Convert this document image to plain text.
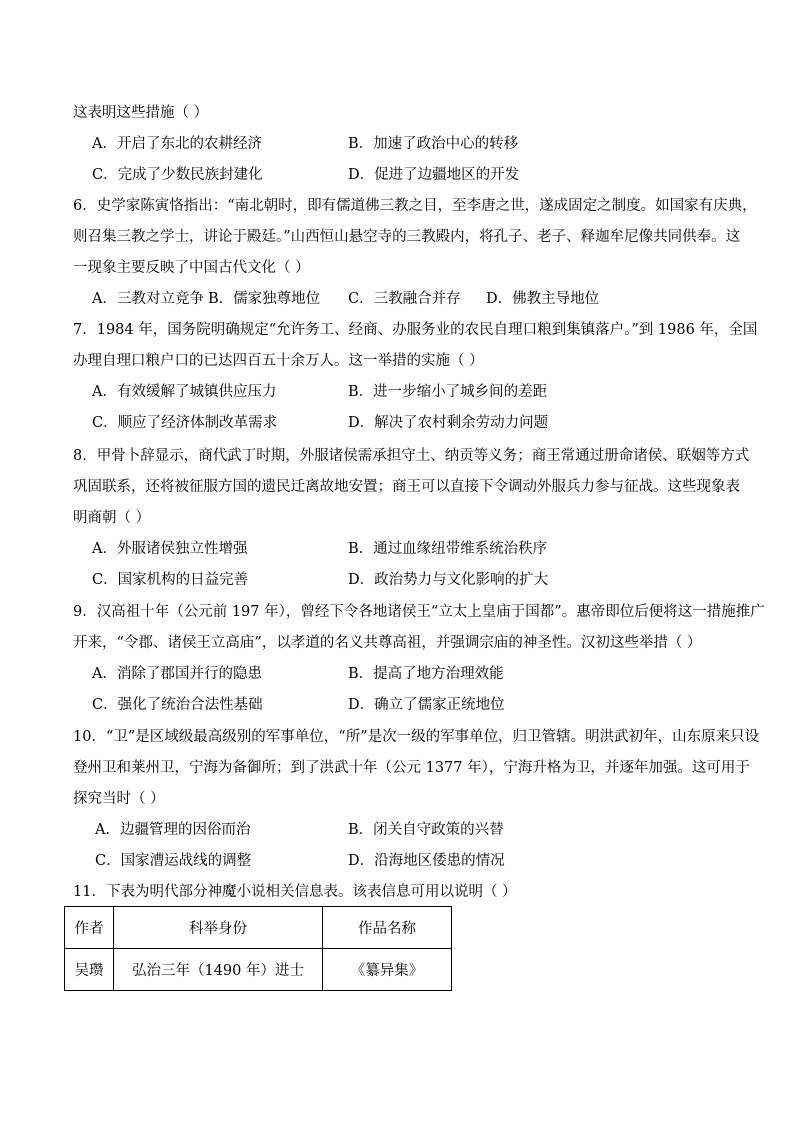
这表明这些措施（ ）
A．开启了东北的农耕经济	B．加速了政治中心的转移
C．完成了少数民族封建化	D．促进了边疆地区的开发
6．史学家陈寅恪指出：“南北朝时，即有儒道佛三教之目，至李唐之世，遂成固定之制度。如国家有庆典，
则召集三教之学士，讲论于殿廷。”山西恒山悬空寺的三教殿内，将孔子、老子、释迦牟尼像共同供奉。这
一现象主要反映了中国古代文化（ ）
A．三教对立竞争 B．儒家独尊地位 C．三教融合并存 D．佛教主导地位
7．1984 年，国务院明确规定“允许务工、经商、办服务业的农民自理口粮到集镇落户。”到 1986 年，全国
办理自理口粮户口的已达四百五十余万人。这一举措的实施（ ）
A．有效缓解了城镇供应压力	B．进一步缩小了城乡间的差距
C．顺应了经济体制改革需求	D．解决了农村剩余劳动力问题
8．甲骨卜辞显示，商代武丁时期，外服诸侯需承担守土、纳贡等义务；商王常通过册命诸侯、联姻等方式
巩固联系，还将被征服方国的遗民迁离故地安置；商王可以直接下令调动外服兵力参与征战。这些现象表
明商朝（ ）
A．外服诸侯独立性增强	B．通过血缘纽带维系统治秩序
C．国家机构的日益完善	D．政治势力与文化影响的扩大
9．汉高祖十年（公元前 197 年），曾经下令各地诸侯王“立太上皇庙于国都”。惠帝即位后便将这一措施推广
开来，“令郡、诸侯王立高庙”，以孝道的名义共尊高祖，并强调宗庙的神圣性。汉初这些举措（ ）
A．消除了郡国并行的隐患	B．提高了地方治理效能
C．强化了统治合法性基础	D．确立了儒家正统地位
10．“卫”是区域级最高级别的军事单位，“所”是次一级的军事单位，归卫管辖。明洪武初年，山东原来只设
登州卫和莱州卫，宁海为备御所；到了洪武十年（公元 1377 年），宁海升格为卫，并逐年加强。这可用于
探究当时（ ）
A．边疆管理的因俗而治	B．闭关自守政策的兴替
C．国家漕运战线的调整	D．沿海地区倭患的情况
11．下表为明代部分神魔小说相关信息表。该表信息可用以说明（ ）
作者	科举身份	作品名称
吴瓒	弘治三年（1490 年）进士	《纂异集》
